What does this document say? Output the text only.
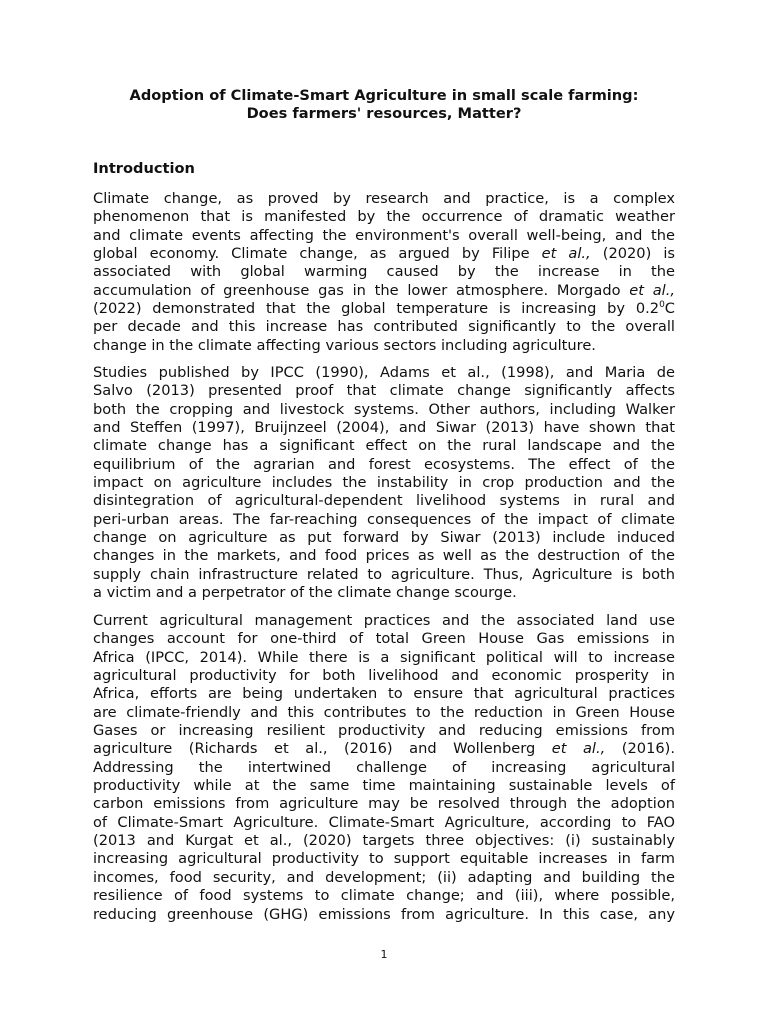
Adoption of Climate-Smart Agriculture in small scale farming:
Does farmers' resources, Matter?
Introduction
Climate change, as proved by research and practice, is a complex
phenomenon that is manifested by the occurrence of dramatic weather
and climate events affecting the environment's overall well-being, and the
global economy. Climate change, as argued by Filipe et al., (2020) is
associated with global warming caused by the increase in the
accumulation of greenhouse gas in the lower atmosphere. Morgado et al.,
(2022) demonstrated that the global temperature is increasing by $0.2^0C$
per decade and this increase has contributed significantly to the overall
change in the climate affecting various sectors including agriculture.
Studies published by IPCC (1990), Adams et al., (1998), and Maria de
Salvo (2013) presented proof that climate change significantly affects
both the cropping and livestock systems. Other authors, including Walker
and Steffen (1997), Bruijnzeel (2004), and Siwar (2013) have shown that
climate change has a significant effect on the rural landscape and the
equilibrium of the agrarian and forest ecosystems. The effect of the
impact on agriculture includes the instability in crop production and the
disintegration of agricultural-dependent livelihood systems in rural and
peri-urban areas. The far-reaching consequences of the impact of climate
change on agriculture as put forward by Siwar (2013) include induced
changes in the markets, and food prices as well as the destruction of the
supply chain infrastructure related to agriculture. Thus, Agriculture is both
a victim and a perpetrator of the climate change scourge.
Current agricultural management practices and the associated land use
changes account for one-third of total Green House Gas emissions in
Africa (IPCC, 2014). While there is a significant political will to increase
agricultural productivity for both livelihood and economic prosperity in
Africa, efforts are being undertaken to ensure that agricultural practices
are climate-friendly and this contributes to the reduction in Green House
Gases or increasing resilient productivity and reducing emissions from
agriculture (Richards et al., (2016) and Wollenberg et al., (2016).
Addressing the intertwined challenge of increasing agricultural
productivity while at the same time maintaining sustainable levels of
carbon emissions from agriculture may be resolved through the adoption
of Climate-Smart Agriculture. Climate-Smart Agriculture, according to FAO
(2013 and Kurgat et al., (2020) targets three objectives: (i) sustainably
increasing agricultural productivity to support equitable increases in farm
incomes, food security, and development; (ii) adapting and building the
resilience of food systems to climate change; and (iii), where possible,
reducing greenhouse (GHG) emissions from agriculture. In this case, any
1
